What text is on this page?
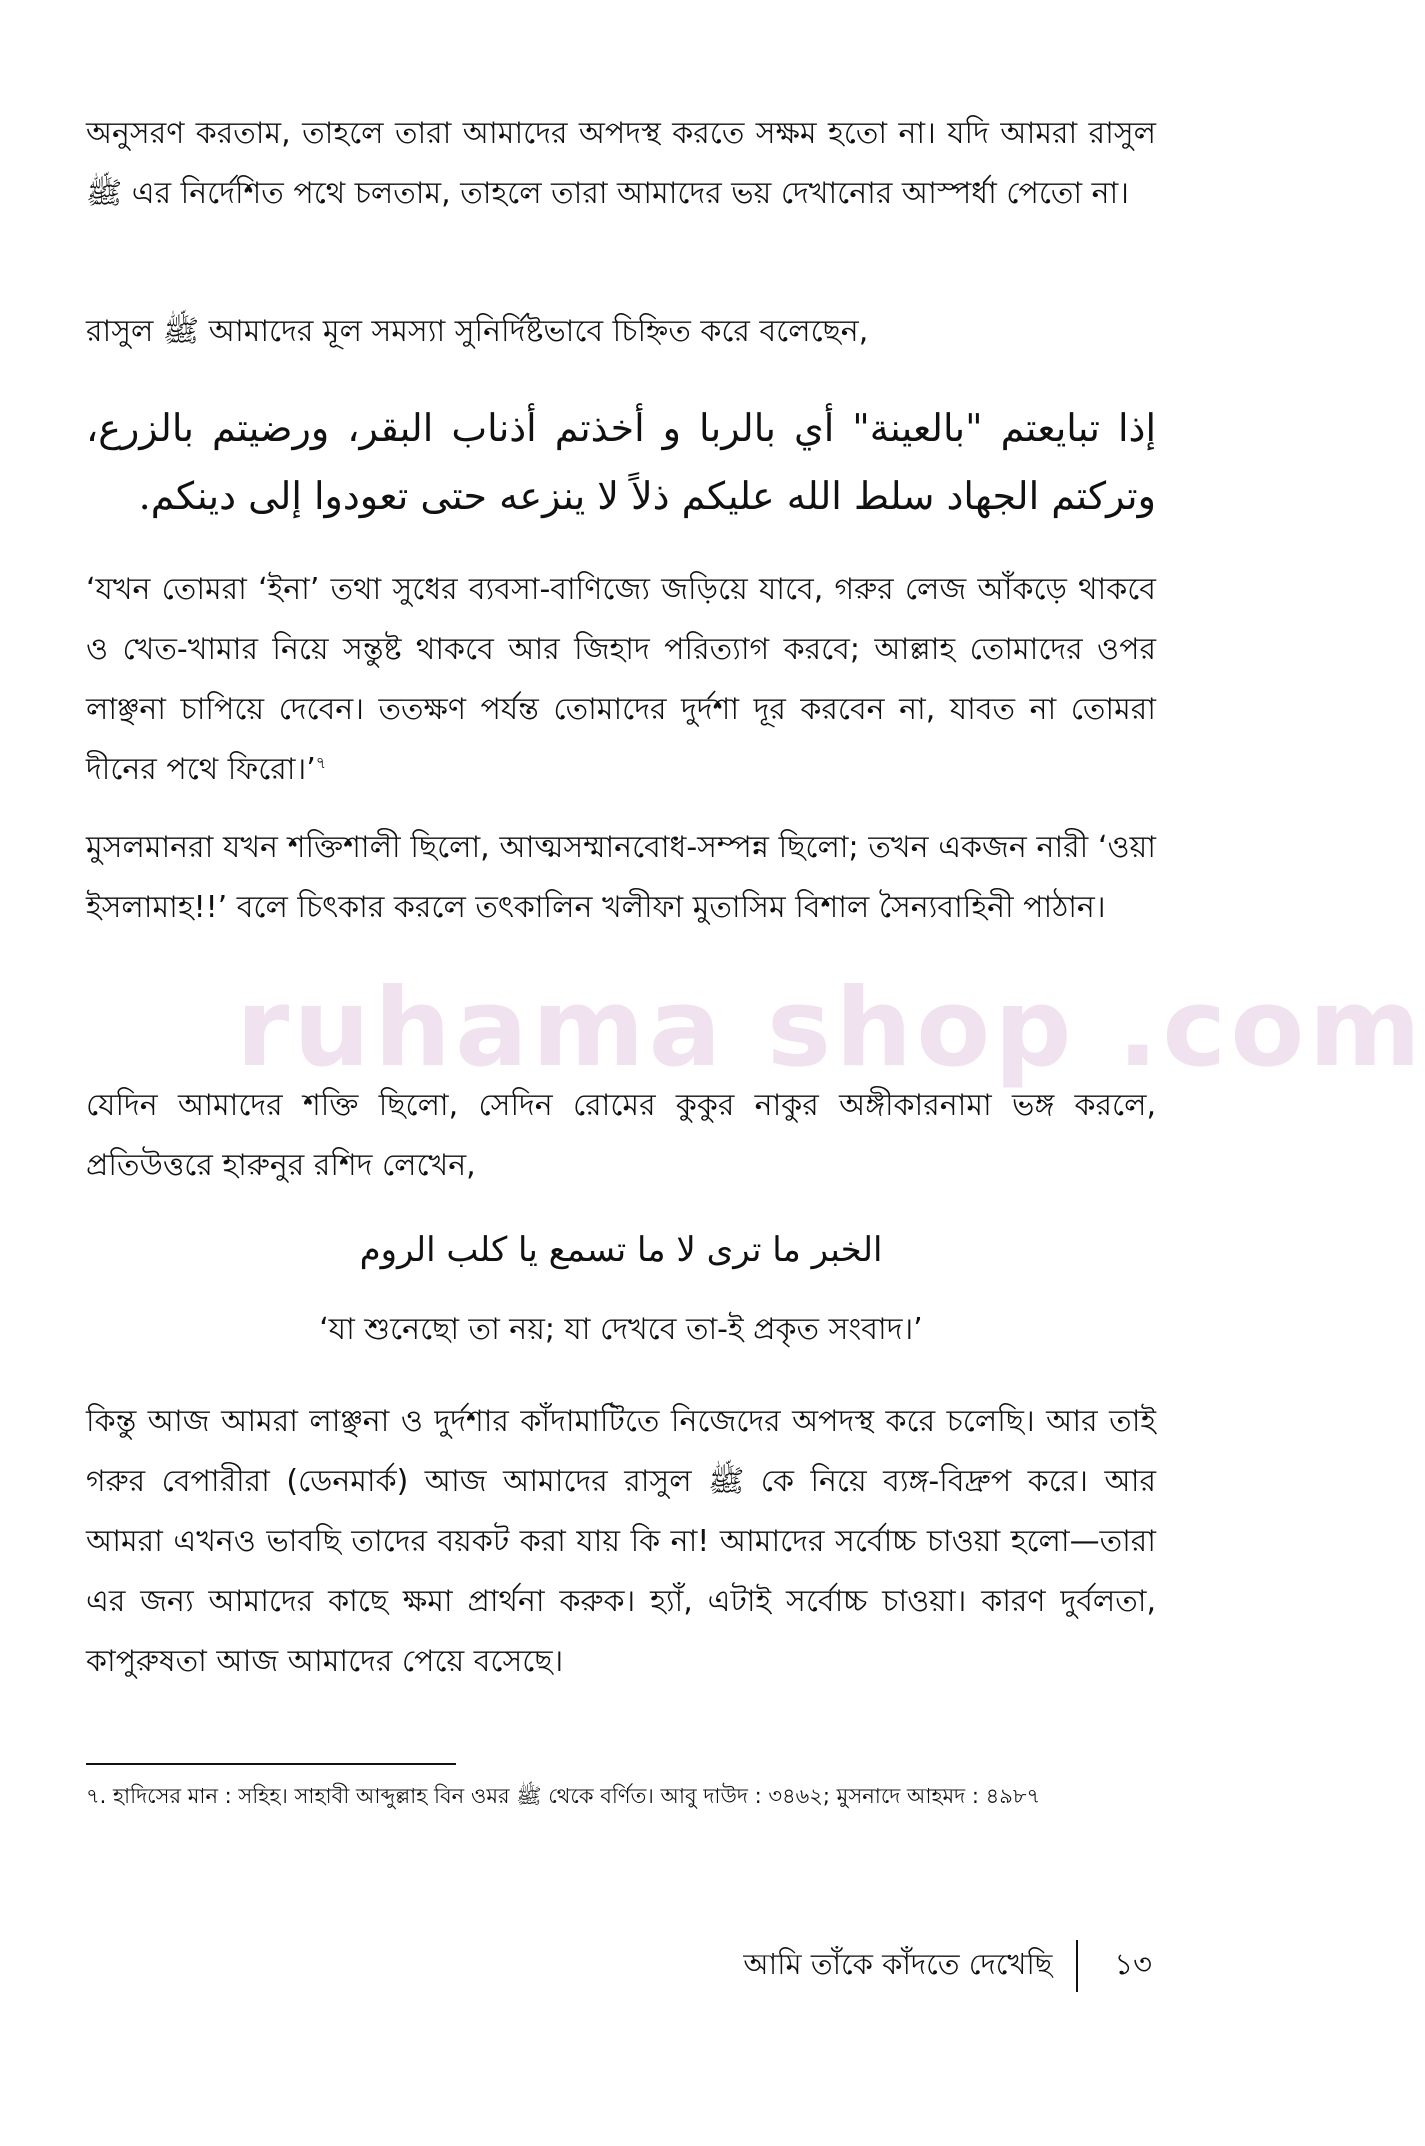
ruhama shop .com

অনুসরণ করতাম, তাহলে তারা আমাদের অপদস্থ করতে সক্ষম হতো না। যদি আমরা রাসুল ﷺ এর নির্দেশিত পথে চলতাম, তাহলে তারা আমাদের ভয় দেখানোর আস্পর্ধা পেতো না।

রাসুল ﷺ আমাদের মূল সমস্যা সুনির্দিষ্টভাবে চিহ্নিত করে বলেছেন,

إذا تبايعتم "بالعينة" أي بالربا و أخذتم أذناب البقر، ورضيتم بالزرع، وتركتم الجهاد سلط الله عليكم ذلاً لا ينزعه حتى تعودوا إلى دينكم.

‘যখন তোমরা ‘ইনা’ তথা সুধের ব্যবসা-বাণিজ্যে জড়িয়ে যাবে, গরুর লেজ আঁকড়ে থাকবে ও খেত-খামার নিয়ে সন্তুষ্ট থাকবে আর জিহাদ পরিত্যাগ করবে; আল্লাহ তোমাদের ওপর লাঞ্ছনা চাপিয়ে দেবেন। ততক্ষণ পর্যন্ত তোমাদের দুর্দশা দূর করবেন না, যাবত না তোমরা দীনের পথে ফিরো।’$^৭$

মুসলমানরা যখন শক্তিশালী ছিলো, আত্মসম্মানবোধ-সম্পন্ন ছিলো; তখন একজন নারী ‘ওয়া ইসলামাহ!!’ বলে চিৎকার করলে তৎকালিন খলীফা মুতাসিম বিশাল সৈন্যবাহিনী পাঠান।

যেদিন আমাদের শক্তি ছিলো, সেদিন রোমের কুকুর নাকুর অঙ্গীকারনামা ভঙ্গ করলে, প্রতিউত্তরে হারুনুর রশিদ লেখেন,

الخبر ما ترى لا ما تسمع يا كلب الروم

‘যা শুনেছো তা নয়; যা দেখবে তা-ই প্রকৃত সংবাদ।’

কিন্তু আজ আমরা লাঞ্ছনা ও দুর্দশার কাঁদামাটিতে নিজেদের অপদস্থ করে চলেছি। আর তাই গরুর বেপারীরা (ডেনমার্ক) আজ আমাদের রাসুল ﷺ কে নিয়ে ব্যঙ্গ-বিদ্রুপ করে। আর আমরা এখনও ভাবছি তাদের বয়কট করা যায় কি না! আমাদের সর্বোচ্চ চাওয়া হলো—তারা এর জন্য আমাদের কাছে ক্ষমা প্রার্থনা করুক। হ্যাঁ, এটাই সর্বোচ্চ চাওয়া। কারণ দুর্বলতা, কাপুরুষতা আজ আমাদের পেয়ে বসেছে।

৭. হাদিসের মান : সহিহ। সাহাবী আব্দুল্লাহ বিন ওমর ﷺ থেকে বর্ণিত। আবু দাউদ : ৩৪৬২; মুসনাদে আহমদ : ৪৯৮৭

আমি তাঁকে কাঁদতে দেখেছি	১৩
